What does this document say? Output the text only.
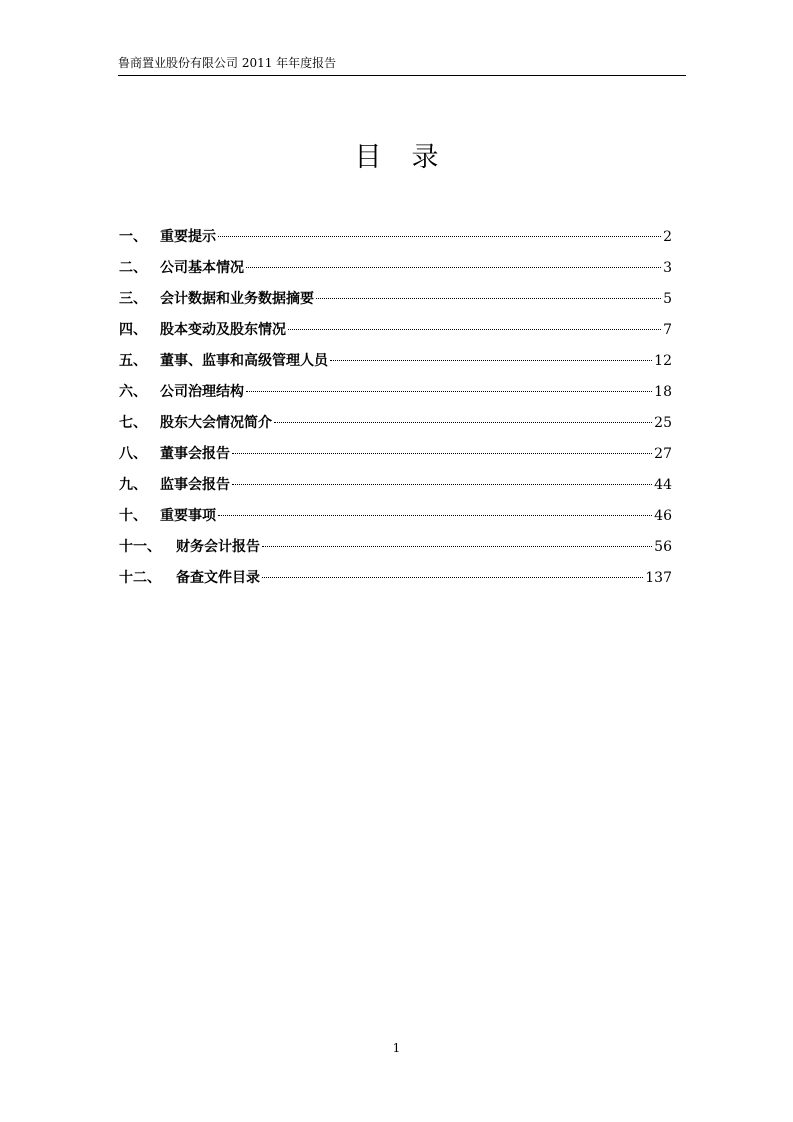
鲁商置业股份有限公司 2011 年年度报告
目录
一、 重要提示	2
二、 公司基本情况	3
三、 会计数据和业务数据摘要	5
四、 股本变动及股东情况	7
五、 董事、监事和高级管理人员	12
六、 公司治理结构	18
七、 股东大会情况简介	25
八、 董事会报告	27
九、 监事会报告	44
十、 重要事项	46
十一、	财务会计报告	56
十二、	备查文件目录	137
1
